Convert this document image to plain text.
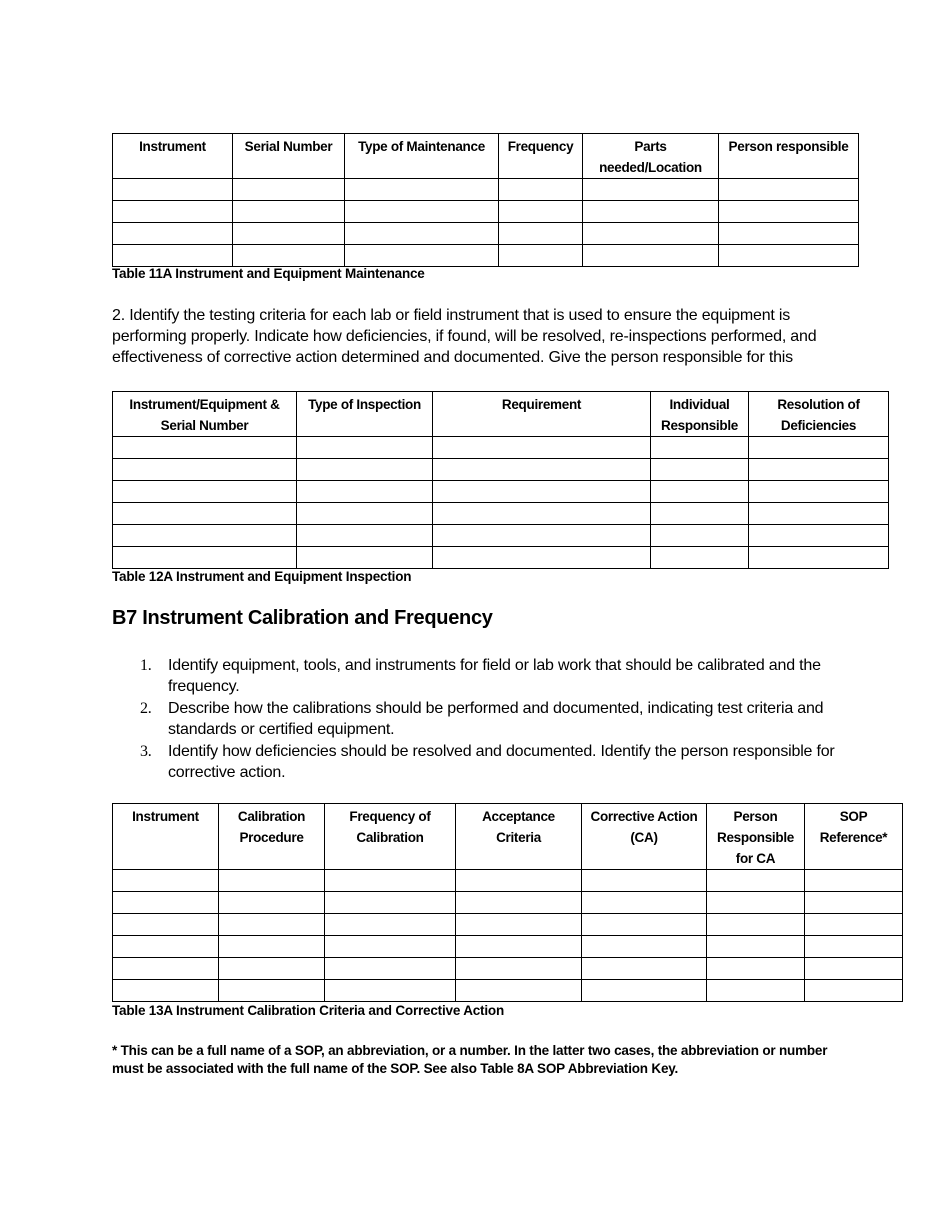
Instrument	Serial Number	Type of Maintenance	Frequency	Parts needed/Location	Person responsible

Table 11A Instrument and Equipment Maintenance
2. Identify the testing criteria for each lab or field instrument that is used to ensure the equipment is performing properly. Indicate how deficiencies, if found, will be resolved, re-inspections performed, and effectiveness of corrective action determined and documented. Give the person responsible for this
Instrument/Equipment & Serial Number	Type of Inspection	Requirement	Individual Responsible	Resolution of Deficiencies

Table 12A Instrument and Equipment Inspection
B7 Instrument Calibration and Frequency
1.	Identify equipment, tools, and instruments for field or lab work that should be calibrated and the frequency.
2.	Describe how the calibrations should be performed and documented, indicating test criteria and standards or certified equipment.
3.	Identify how deficiencies should be resolved and documented. Identify the person responsible for corrective action.
Instrument	Calibration Procedure	Frequency of Calibration	Acceptance Criteria	Corrective Action (CA)	Person Responsible for CA	SOP Reference*

Table 13A Instrument Calibration Criteria and Corrective Action
* This can be a full name of a SOP, an abbreviation, or a number. In the latter two cases, the abbreviation or number must be associated with the full name of the SOP. See also Table 8A SOP Abbreviation Key.
